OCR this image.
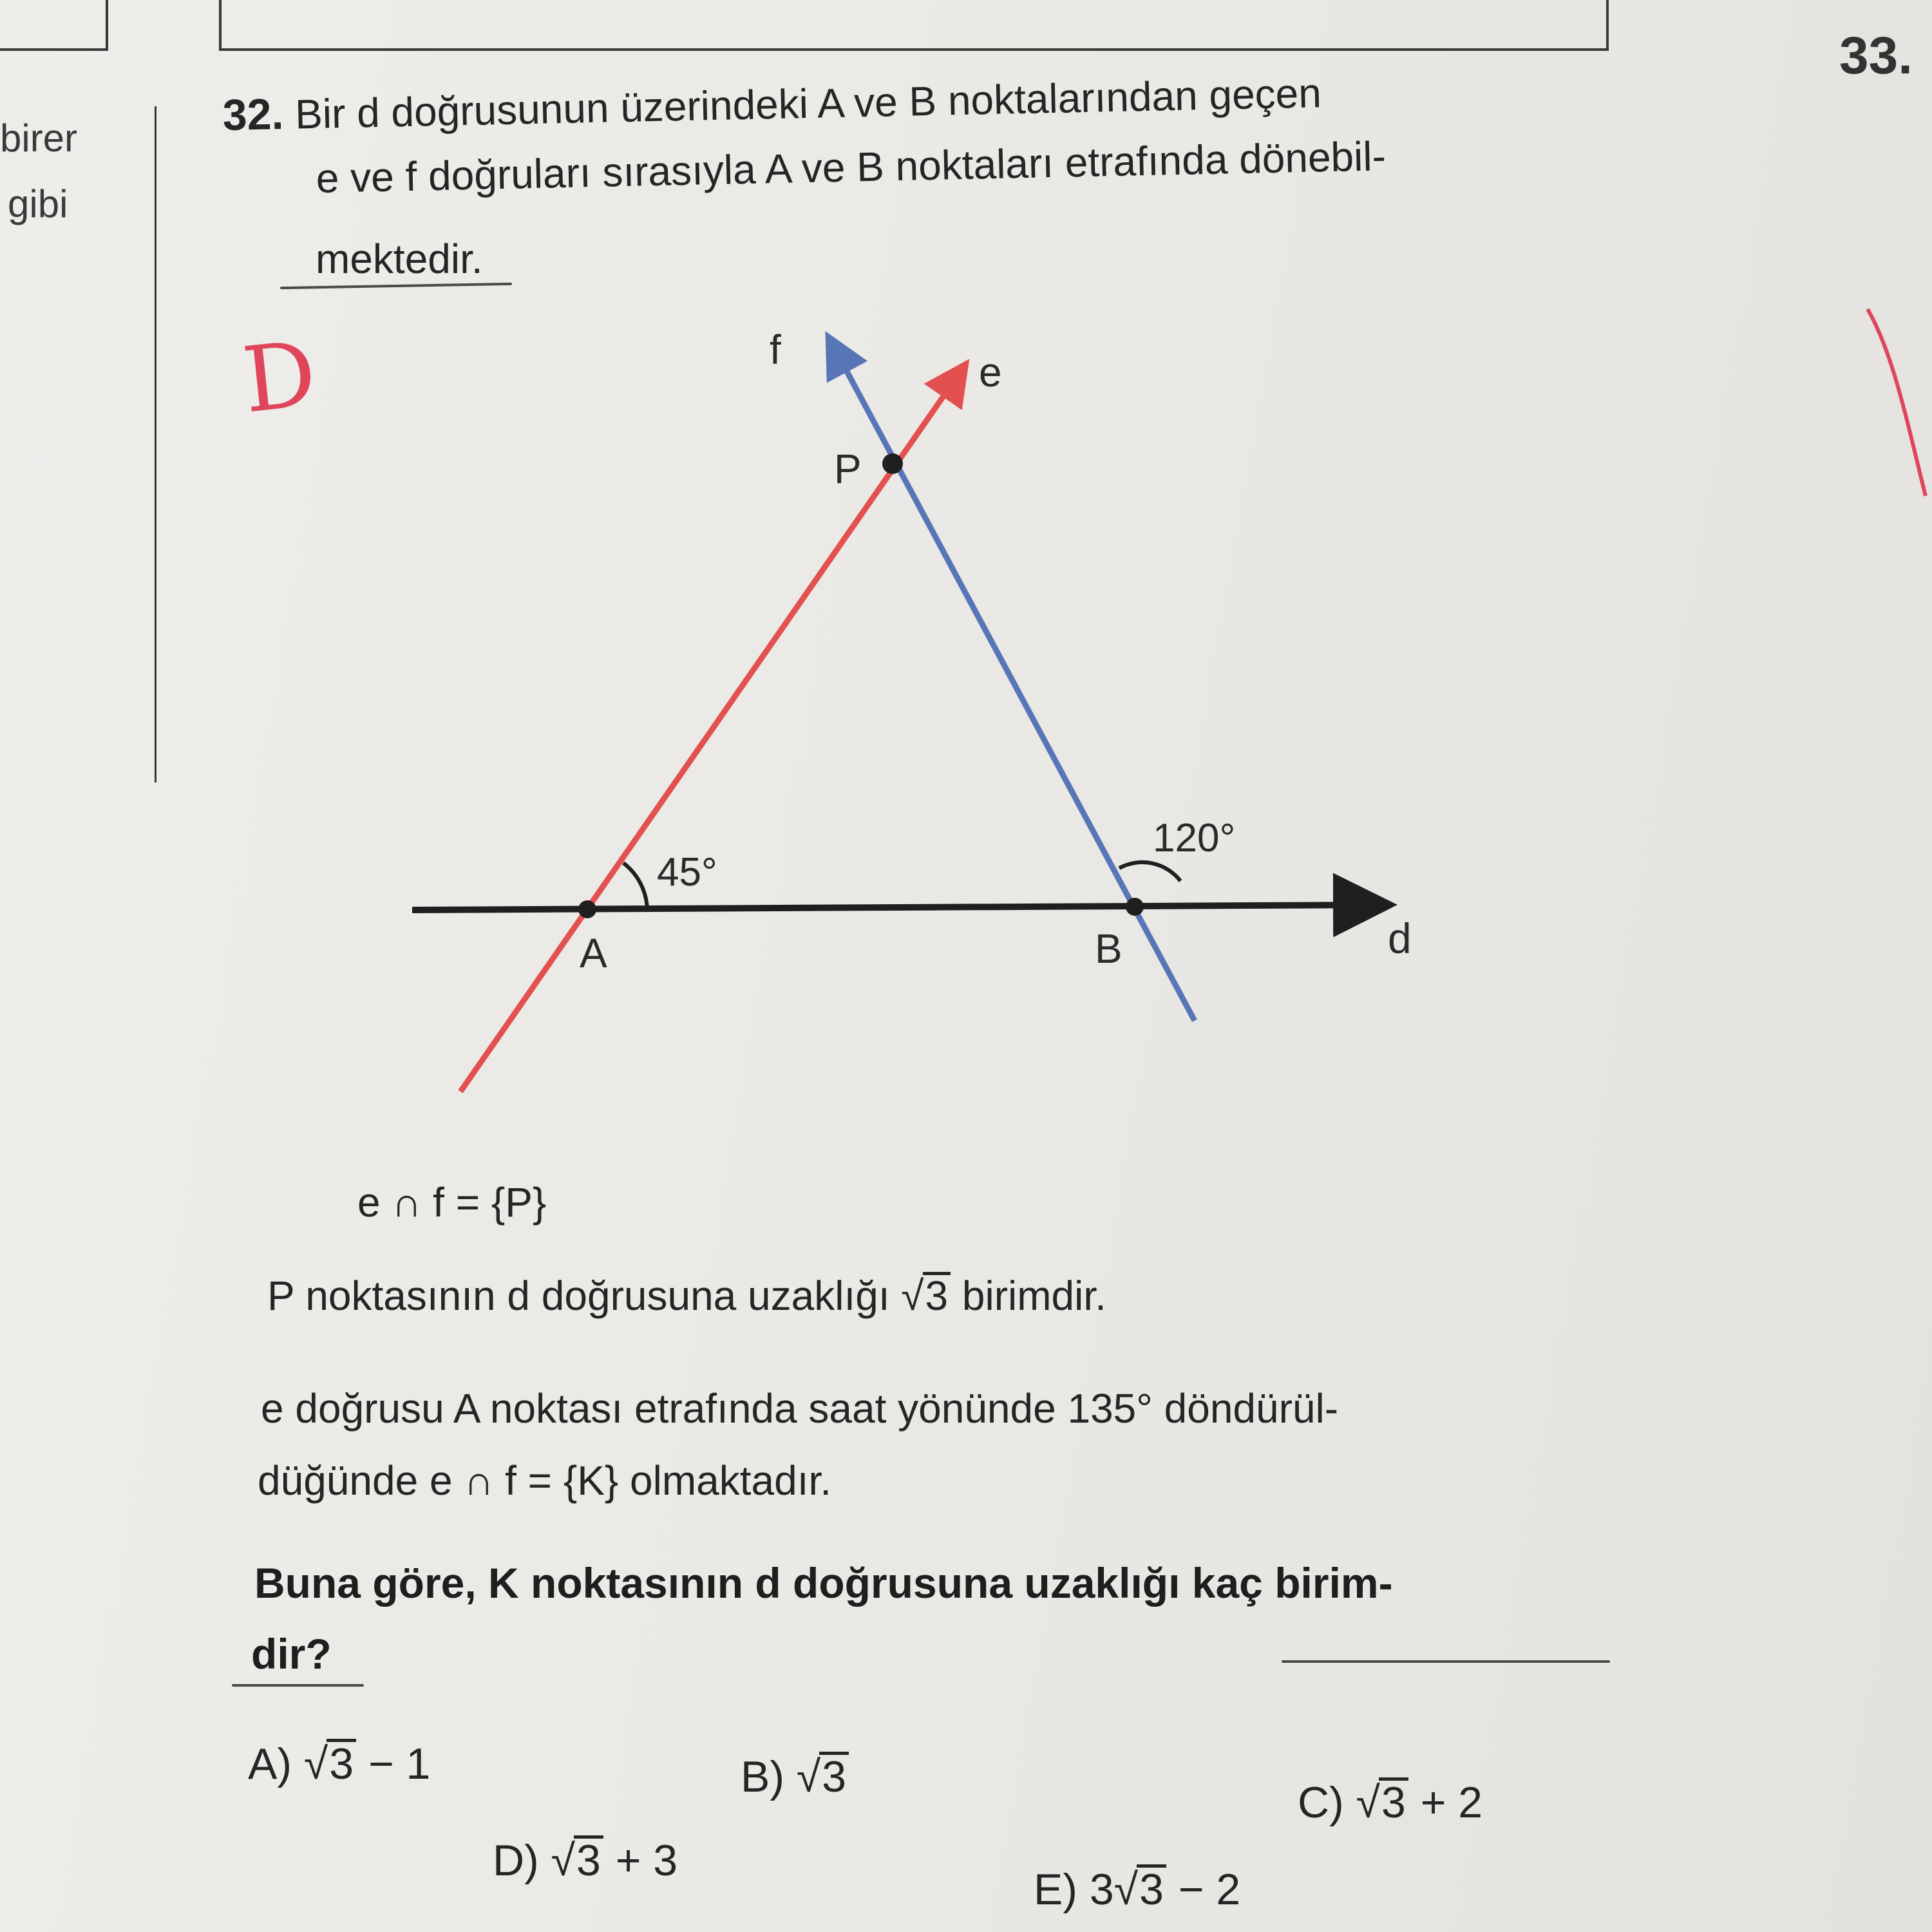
birer
gibi
33.
32. Bir d doğrusunun üzerindeki A ve B noktalarından geçen
e ve f doğruları sırasıyla A ve B noktaları etrafında dönebil-
mektedir.
D
A	B
P
e
f
d
45°
120°
e ∩ f = {P}
P noktasının d doğrusuna uzaklığı √3 birimdir.
e doğrusu A noktası etrafında saat yönünde 135° döndürül-
düğünde e ∩ f = {K} olmaktadır.
Buna göre, K noktasının d doğrusuna uzaklığı kaç birim-
dir?
A) √3 − 1	B) √3
C) √3 + 2
D) √3 + 3
E) 3√3 − 2
